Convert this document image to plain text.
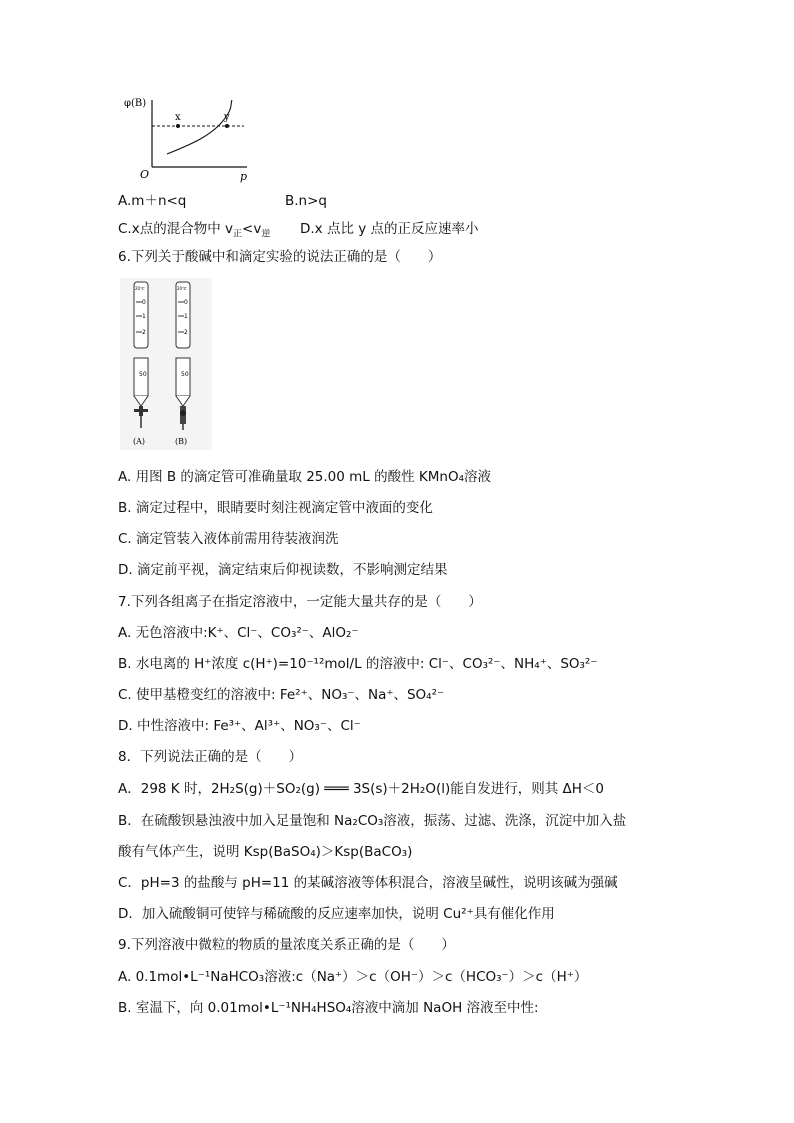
φ(B)
p
O
x	y
A.m＋n<q	B.n>q
C.x点的混合物中 $v_正<v_逆$ D.x 点比 y 点的正反应速率小
6.下列关于酸碱中和滴定实验的说法正确的是（　　）
20℃
0
1
2
20℃
0
1
2
50	50
(A)	(B)
A. 用图 B 的滴定管可准确量取 25.00 mL 的酸性 KMnO₄溶液
B. 滴定过程中，眼睛要时刻注视滴定管中液面的变化
C. 滴定管装入液体前需用待装液润洗
D. 滴定前平视，滴定结束后仰视读数，不影响测定结果
7.下列各组离子在指定溶液中，一定能大量共存的是（　　）
A. 无色溶液中:K⁺、Cl⁻、CO₃²⁻、AlO₂⁻
B. 水电离的 H⁺浓度 c(H⁺)=10⁻¹²mol/L 的溶液中: Cl⁻、CO₃²⁻、NH₄⁺、SO₃²⁻
C. 使甲基橙变红的溶液中: Fe²⁺、NO₃⁻、Na⁺、SO₄²⁻
D. 中性溶液中: Fe³⁺、Al³⁺、NO₃⁻、Cl⁻
8．下列说法正确的是（　　）
A．298 K 时，2H₂S(g)＋SO₂(g) ═══ 3S(s)＋2H₂O(l)能自发进行，则其 ΔH＜0
B．在硫酸钡悬浊液中加入足量饱和 Na₂CO₃溶液，振荡、过滤、洗涤，沉淀中加入盐
酸有气体产生，说明 Ksp(BaSO₄)＞Ksp(BaCO₃)
C．pH=3 的盐酸与 pH=11 的某碱溶液等体积混合，溶液呈碱性，说明该碱为强碱
D．加入硫酸铜可使锌与稀硫酸的反应速率加快，说明 Cu²⁺具有催化作用
9.下列溶液中微粒的物质的量浓度关系正确的是（　　）
A. 0.1mol•L⁻¹NaHCO₃溶液:c（Na⁺）＞c（OH⁻）＞c（HCO₃⁻）＞c（H⁺）
B. 室温下，向 0.01mol•L⁻¹NH₄HSO₄溶液中滴加 NaOH 溶液至中性:
